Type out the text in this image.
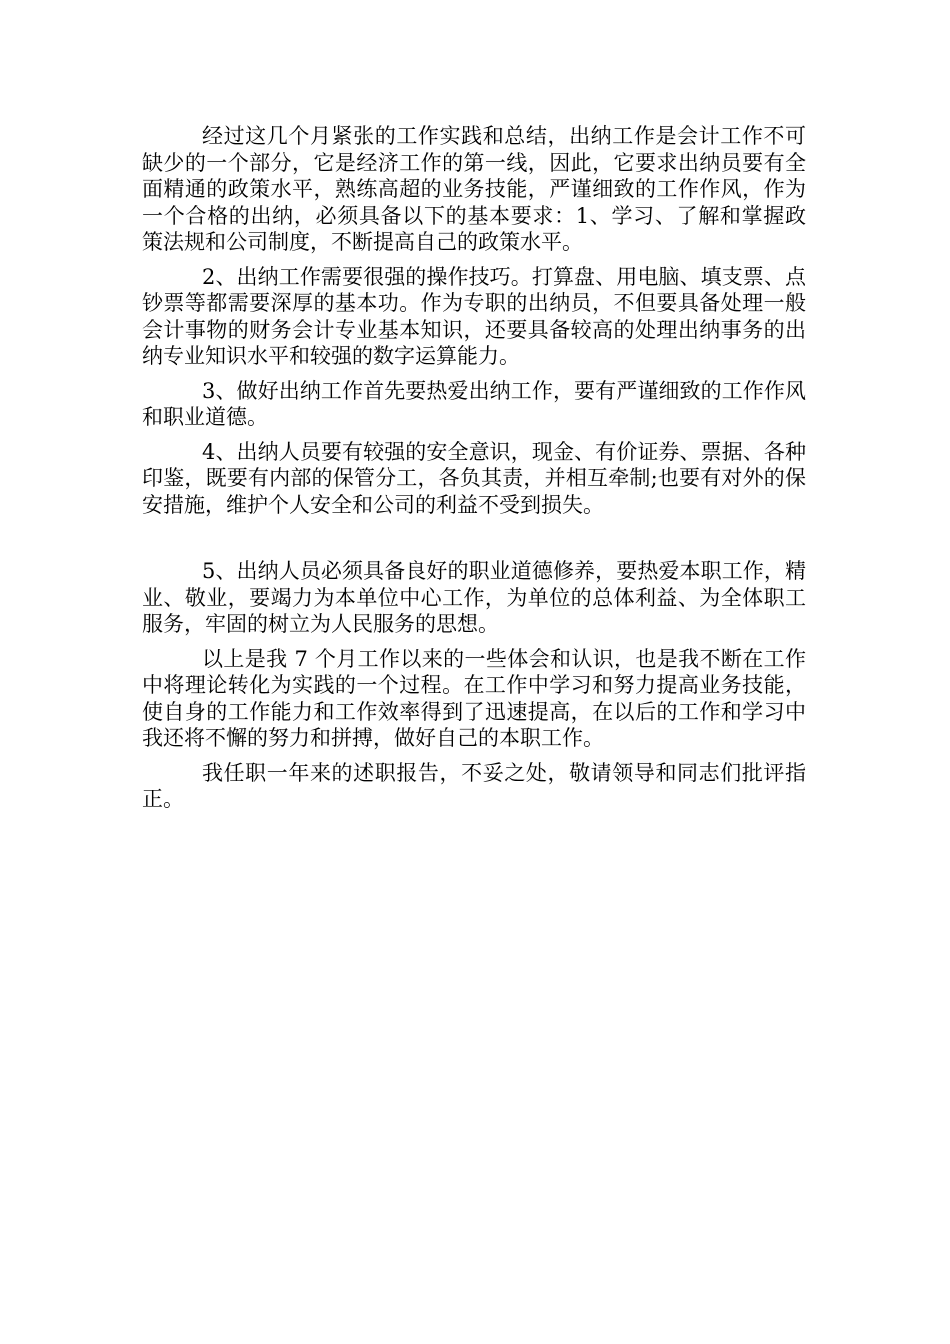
经过这几个月紧张的工作实践和总结，出纳工作是会计工作不可缺少的一个部分，它是经济工作的第一线，因此，它要求出纳员要有全面精通的政策水平，熟练高超的业务技能，严谨细致的工作作风，作为一个合格的出纳，必须具备以下的基本要求：1、学习、了解和掌握政策法规和公司制度，不断提高自己的政策水平。

2、出纳工作需要很强的操作技巧。打算盘、用电脑、填支票、点钞票等都需要深厚的基本功。作为专职的出纳员，不但要具备处理一般会计事物的财务会计专业基本知识，还要具备较高的处理出纳事务的出纳专业知识水平和较强的数字运算能力。

3、做好出纳工作首先要热爱出纳工作，要有严谨细致的工作作风和职业道德。

4、出纳人员要有较强的安全意识，现金、有价证券、票据、各种印鉴，既要有内部的保管分工，各负其责，并相互牵制;也要有对外的保安措施，维护个人安全和公司的利益不受到损失。

5、出纳人员必须具备良好的职业道德修养，要热爱本职工作，精业、敬业，要竭力为本单位中心工作，为单位的总体利益、为全体职工服务，牢固的树立为人民服务的思想。

以上是我 7 个月工作以来的一些体会和认识，也是我不断在工作中将理论转化为实践的一个过程。在工作中学习和努力提高业务技能，使自身的工作能力和工作效率得到了迅速提高，在以后的工作和学习中我还将不懈的努力和拼搏，做好自己的本职工作。

我任职一年来的述职报告，不妥之处，敬请领导和同志们批评指正。
